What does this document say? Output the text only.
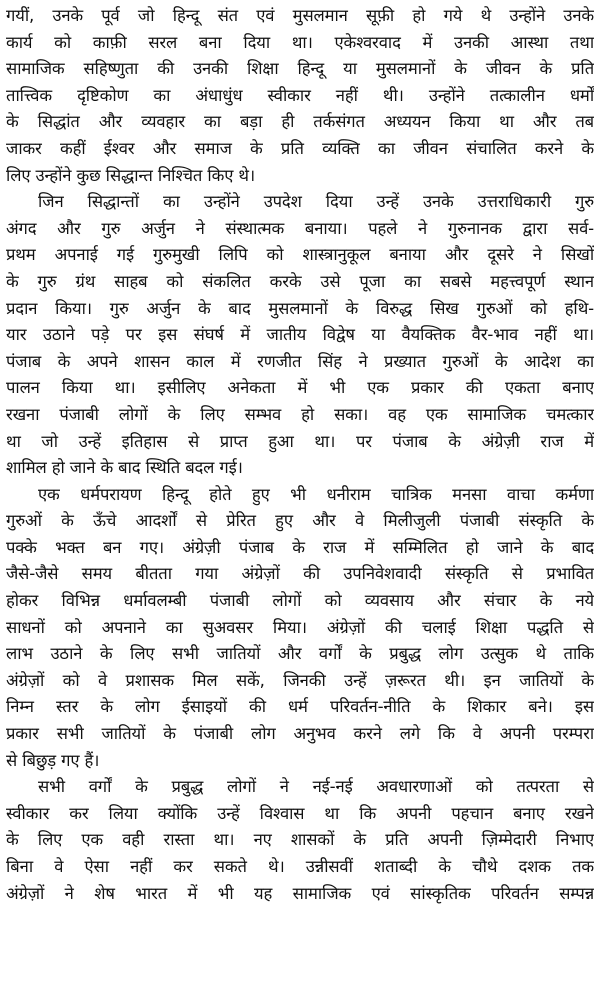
गयीं, उनके पूर्व जो हिन्दू संत एवं मुसलमान सूफ़ी हो गये थे उन्होंने उनके
कार्य को काफ़ी सरल बना दिया था। एकेश्वरवाद में उनकी आस्था तथा
सामाजिक सहिष्णुता की उनकी शिक्षा हिन्दू या मुसलमानों के जीवन के प्रति
तात्त्विक दृष्टिकोण का अंधाधुंध स्वीकार नहीं थी। उन्होंने तत्कालीन धर्मों
के सिद्धांत और व्यवहार का बड़ा ही तर्कसंगत अध्ययन किया था और तब
जाकर कहीं ईश्वर और समाज के प्रति व्यक्ति का जीवन संचालित करने के
लिए उन्होंने कुछ सिद्धान्त निश्चित किए थे।
जिन सिद्धान्तों का उन्होंने उपदेश दिया उन्हें उनके उत्तराधिकारी गुरु
अंगद और गुरु अर्जुन ने संस्थात्मक बनाया। पहले ने गुरुनानक द्वारा सर्व-
प्रथम अपनाई गई गुरुमुखी लिपि को शास्त्रानुकूल बनाया और दूसरे ने सिखों
के गुरु ग्रंथ साहब को संकलित करके उसे पूजा का सबसे महत्त्वपूर्ण स्थान
प्रदान किया। गुरु अर्जुन के बाद मुसलमानों के विरुद्ध सिख गुरुओं को हथि-
यार उठाने पड़े पर इस संघर्ष में जातीय विद्वेष या वैयक्तिक वैर-भाव नहीं था।
पंजाब के अपने शासन काल में रणजीत सिंह ने प्रख्यात गुरुओं के आदेश का
पालन किया था। इसीलिए अनेकता में भी एक प्रकार की एकता बनाए
रखना पंजाबी लोगों के लिए सम्भव हो सका। वह एक सामाजिक चमत्कार
था जो उन्हें इतिहास से प्राप्त हुआ था। पर पंजाब के अंग्रेज़ी राज में
शामिल हो जाने के बाद स्थिति बदल गई।
एक धर्मपरायण हिन्दू होते हुए भी धनीराम चात्रिक मनसा वाचा कर्मणा
गुरुओं के ऊँचे आदर्शों से प्रेरित हुए और वे मिलीजुली पंजाबी संस्कृति के
पक्के भक्त बन गए। अंग्रेज़ी पंजाब के राज में सम्मिलित हो जाने के बाद
जैसे-जैसे समय बीतता गया अंग्रेज़ों की उपनिवेशवादी संस्कृति से प्रभावित
होकर विभिन्न धर्मावलम्बी पंजाबी लोगों को व्यवसाय और संचार के नये
साधनों को अपनाने का सुअवसर मिया। अंग्रेज़ों की चलाई शिक्षा पद्धति से
लाभ उठाने के लिए सभी जातियों और वर्गों के प्रबुद्ध लोग उत्सुक थे ताकि
अंग्रेज़ों को वे प्रशासक मिल सकें, जिनकी उन्हें ज़रूरत थी। इन जातियों के
निम्न स्तर के लोग ईसाइयों की धर्म परिवर्तन-नीति के शिकार बने। इस
प्रकार सभी जातियों के पंजाबी लोग अनुभव करने लगे कि वे अपनी परम्परा
से बिछुड़ गए हैं।
सभी वर्गों के प्रबुद्ध लोगों ने नई-नई अवधारणाओं को तत्परता से
स्वीकार कर लिया क्योंकि उन्हें विश्वास था कि अपनी पहचान बनाए रखने
के लिए एक वही रास्ता था। नए शासकों के प्रति अपनी ज़िम्मेदारी निभाए
बिना वे ऐसा नहीं कर सकते थे। उन्नीसवीं शताब्दी के चौथे दशक तक
अंग्रेज़ों ने शेष भारत में भी यह सामाजिक एवं सांस्कृतिक परिवर्तन सम्पन्न
